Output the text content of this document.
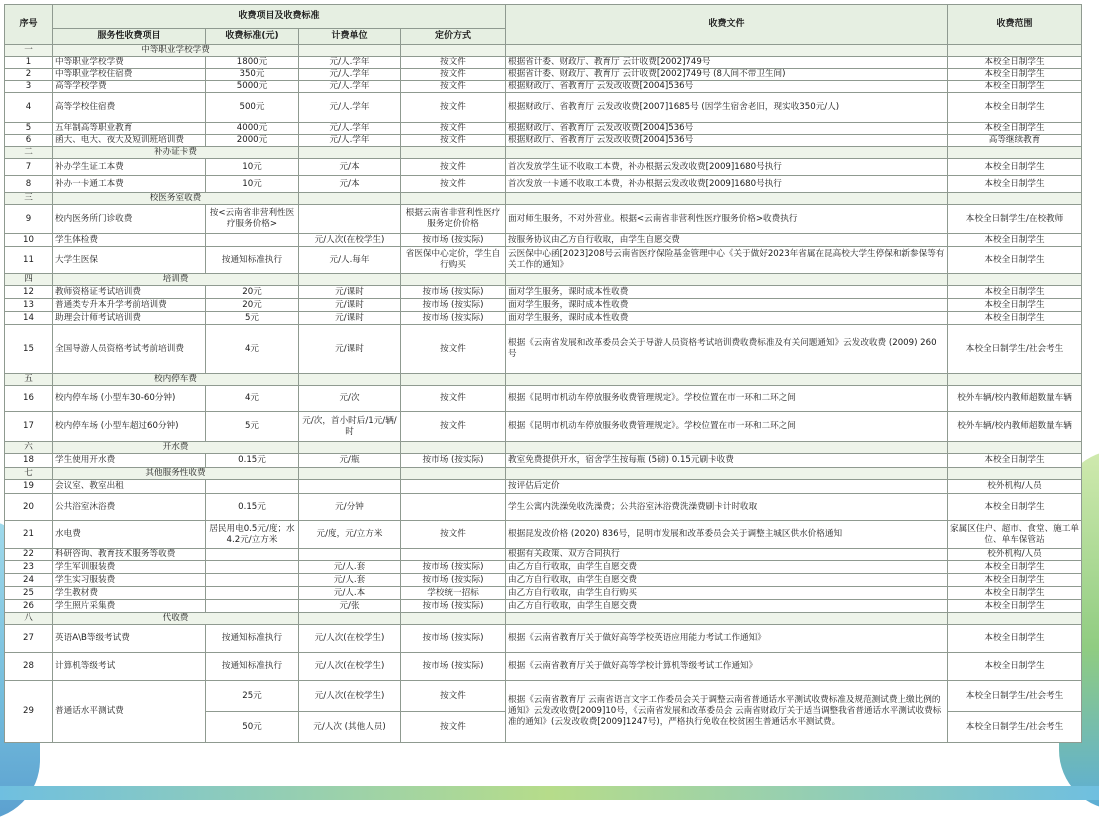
序号	收费项目及收费标准				收费文件	收费范围
	服务性收费项目	收费标准(元)	计费单位	定价方式		
一	中等职业学校学费					
1	中等职业学校学费	1800元	元/人.学年	按文件	根据省计委、财政厅、教育厅 云计收费[2002]749号	本校全日制学生
2	中等职业学校住宿费	350元	元/人.学年	按文件	根据省计委、财政厅、教育厅 云计收费[2002]749号 (8人间不带卫生间)	本校全日制学生
3	高等学校学费	5000元	元/人.学年	按文件	根据财政厅、省教育厅 云发改收费[2004]536号	本校全日制学生
4	高等学校住宿费	500元	元/人.学年	按文件	根据财政厅、省教育厅 云发改收费[2007]1685号 (因学生宿舍老旧，现实收350元/人)	本校全日制学生
5	五年制高等职业教育	4000元	元/人.学年	按文件	根据财政厅、省教育厅 云发改收费[2004]536号	本校全日制学生
6	函大、电大、夜大及短训班培训费	2000元	元/人.学年	按文件	根据财政厅、省教育厅 云发改收费[2004]536号	高等继续教育
二	补办证卡费					
7	补办学生证工本费	10元	元/本	按文件	首次发放学生证不收取工本费，补办根据云发改收费[2009]1680号执行	本校全日制学生
8	补办一卡通工本费	10元	元/本	按文件	首次发放一卡通不收取工本费，补办根据云发改收费[2009]1680号执行	本校全日制学生
三	校医务室收费					
9	校内医务所门诊收费	按<云南省非营利性医疗服务价格>		根据云南省非营利性医疗服务定价价格	面对师生服务，不对外营业。根据<云南省非营利性医疗服务价格>收费执行	本校全日制学生/在校教师
10	学生体检费		元/人次(在校学生)	按市场 (按实际)	按服务协议由乙方自行收取，由学生自愿交费	本校全日制学生
11	大学生医保	按通知标准执行	元/人.每年	省医保中心定价，学生自行购买	云医保中心函[2023]208号云南省医疗保险基金管理中心《关于做好2023年省属在昆高校大学生停保和新参保等有关工作的通知》	本校全日制学生
四	培训费					
12	教师资格证考试培训费	20元	元/课时	按市场 (按实际)	面对学生服务，课时成本性收费	本校全日制学生
13	普通类专升本升学考前培训费	20元	元/课时	按市场 (按实际)	面对学生服务，课时成本性收费	本校全日制学生
14	助理会计师考试培训费	5元	元/课时	按市场 (按实际)	面对学生服务，课时成本性收费	本校全日制学生
15	全国导游人员资格考试考前培训费	4元	元/课时	按文件	根据《云南省发展和改革委员会关于导游人员资格考试培训费收费标准及有关问题通知》云发改收费 (2009) 260号	本校全日制学生/社会考生
五	校内停车费					
16	校内停车场 (小型车30-60分钟)	4元	元/次	按文件	根据《昆明市机动车停放服务收费管理规定》。学校位置在市一环和二环之间	校外车辆/校内教师超数量车辆
17	校内停车场 (小型车超过60分钟)	5元	元/次，首小时后/1元/辆/时	按文件	根据《昆明市机动车停放服务收费管理规定》。学校位置在市一环和二环之间	校外车辆/校内教师超数量车辆
六	开水费					
18	学生使用开水费	0.15元	元/瓶	按市场 (按实际)	教室免费提供开水，宿舍学生按每瓶 (5磅) 0.15元刷卡收费	本校全日制学生
七	其他服务性收费					
19	会议室、教室出租				按评估后定价	校外机构/人员
20	公共浴室沐浴费	0.15元	元/分钟		学生公寓内洗澡免收洗澡费；公共浴室沐浴费洗澡费刷卡计时收取	本校全日制学生
21	水电费	居民用电0.5元/度；水4.2元/立方米	元/度，元/立方米	按文件	根据昆发改价格 (2020) 836号，昆明市发展和改革委员会关于调整主城区供水价格通知	家属区住户、超市、食堂、施工单位、单车保管站
22	科研咨询、教育技术服务等收费				根据有关政策、双方合同执行	校外机构/人员
23	学生军训服装费		元/人.套	按市场 (按实际)	由乙方自行收取，由学生自愿交费	本校全日制学生
24	学生实习服装费		元/人.套	按市场 (按实际)	由乙方自行收取，由学生自愿交费	本校全日制学生
25	学生教材费		元/人.本	学校统一招标	由乙方自行收取，由学生自行购买	本校全日制学生
26	学生照片采集费		元/张	按市场 (按实际)	由乙方自行收取，由学生自愿交费	本校全日制学生
八	代收费					
27	英语A\B等级考试费	按通知标准执行	元/人次(在校学生)	按市场 (按实际)	根据《云南省教育厅关于做好高等学校英语应用能力考试工作通知》	本校全日制学生
28	计算机等级考试	按通知标准执行	元/人次(在校学生)	按市场 (按实际)	根据《云南省教育厅关于做好高等学校计算机等级考试工作通知》	本校全日制学生
29	普通话水平测试费	25元	元/人次(在校学生)	按文件	根据《云南省教育厅 云南省语言文字工作委员会关于调整云南省普通话水平测试收费标准及规范测试费上缴比例的通知》云发改收费[2009]10号，《云南省发展和改革委员会 云南省财政厅关于适当调整我省普通话水平测试收费标准的通知》(云发改收费[2009]1247号)，严格执行免收在校贫困生普通话水平测试费。	本校全日制学生/社会考生
		50元	元/人次 (其他人员)	按文件		本校全日制学生/社会考生
